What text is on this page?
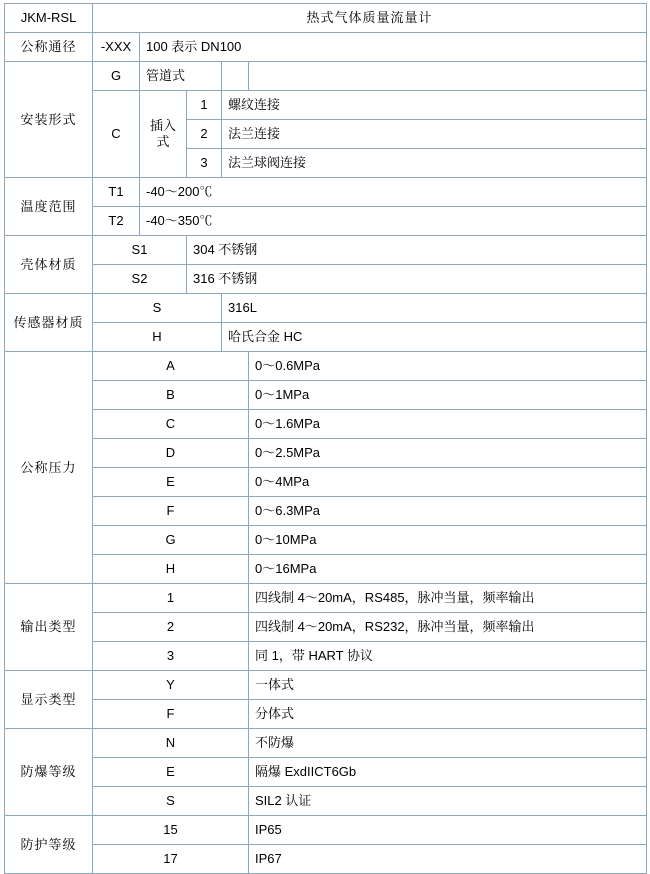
JKM-RSL	热式气体质量流量计				
公称通径	-XXX	100 表示 DN100			
安装形式	G	管道式			
	C	插入式	1	螺纹连接	
			2	法兰连接	
			3	法兰球阀连接	
温度范围	T1	-40～200℃			
	T2	-40～350℃			
壳体材质	S1		304 不锈钢		
	S2		316 不锈钢		
传感器材质	S			316L	
	H			哈氏合金 HC	
公称压力	A				0～0.6MPa
	B				0～1MPa
	C				0～1.6MPa
	D				0～2.5MPa
	E				0～4MPa
	F				0～6.3MPa
	G				0～10MPa
	H				0～16MPa
输出类型	1				四线制 4～20mA，RS485，脉冲当量，频率输出
	2				四线制 4～20mA，RS232，脉冲当量，频率输出
	3				同 1，带 HART 协议
显示类型	Y				一体式
	F				分体式
防爆等级	N				不防爆
	E				隔爆 ExdIICT6Gb
	S				SIL2 认证
防护等级	15				IP65
	17				IP67
